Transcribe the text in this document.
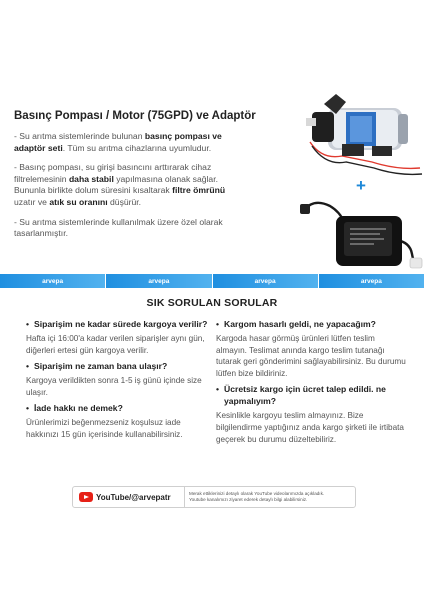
Basınç Pompası / Motor (75GPD) ve Adaptör

- Su arıtma sistemlerinde bulunan basınç pompası ve adaptör seti. Tüm su arıtma cihazlarına uyumludur.

- Basınç pompası, su girişi basıncını arttırarak cihaz filtrelemesinin daha stabil yapılmasına olanak sağlar. Bununla birlikte dolum süresini kısaltarak filtre ömrünü uzatır ve atık su oranını düşürür.

- Su arıtma sistemlerinde kullanılmak üzere özel olarak tasarlanmıştır.

+
arvepa	arvepa	arvepa	arvepa
SIK SORULAN SORULAR
• Siparişim ne kadar sürede kargoya verilir?
Hafta içi 16:00'a kadar verilen siparişler aynı gün, diğerleri ertesi gün kargoya verilir.
• Siparişim ne zaman bana ulaşır?
Kargoya verildikten sonra 1-5 iş günü içinde size ulaşır.
• İade hakkı ne demek?
Ürünlerimizi beğenmezseniz koşulsuz iade hakkınızı 15 gün içerisinde kullanabilirsiniz.
• Kargom hasarlı geldi, ne yapacağım?
Kargoda hasar görmüş ürünleri lütfen teslim almayın. Teslimat anında kargo teslim tutanağı tutarak geri gönderimini sağlayabilirsiniz. Bu durumu lütfen bize bildiriniz.
• Ücretsiz kargo için ücret talep edildi. ne yapmalıyım?
Kesinlikle kargoyu teslim almayınız. Bize bilgilendirme yaptığınız anda kargo şirketi ile irtibata geçerek bu durumu düzeltebiliriz.
YouTube/@arvepatr	Merak ettiklerinizi detaylı olarak YouTube videolarımızda açıkladık.
Youtube kanalımızı ziyaret ederek detaylı bilgi alabilirsiniz.
